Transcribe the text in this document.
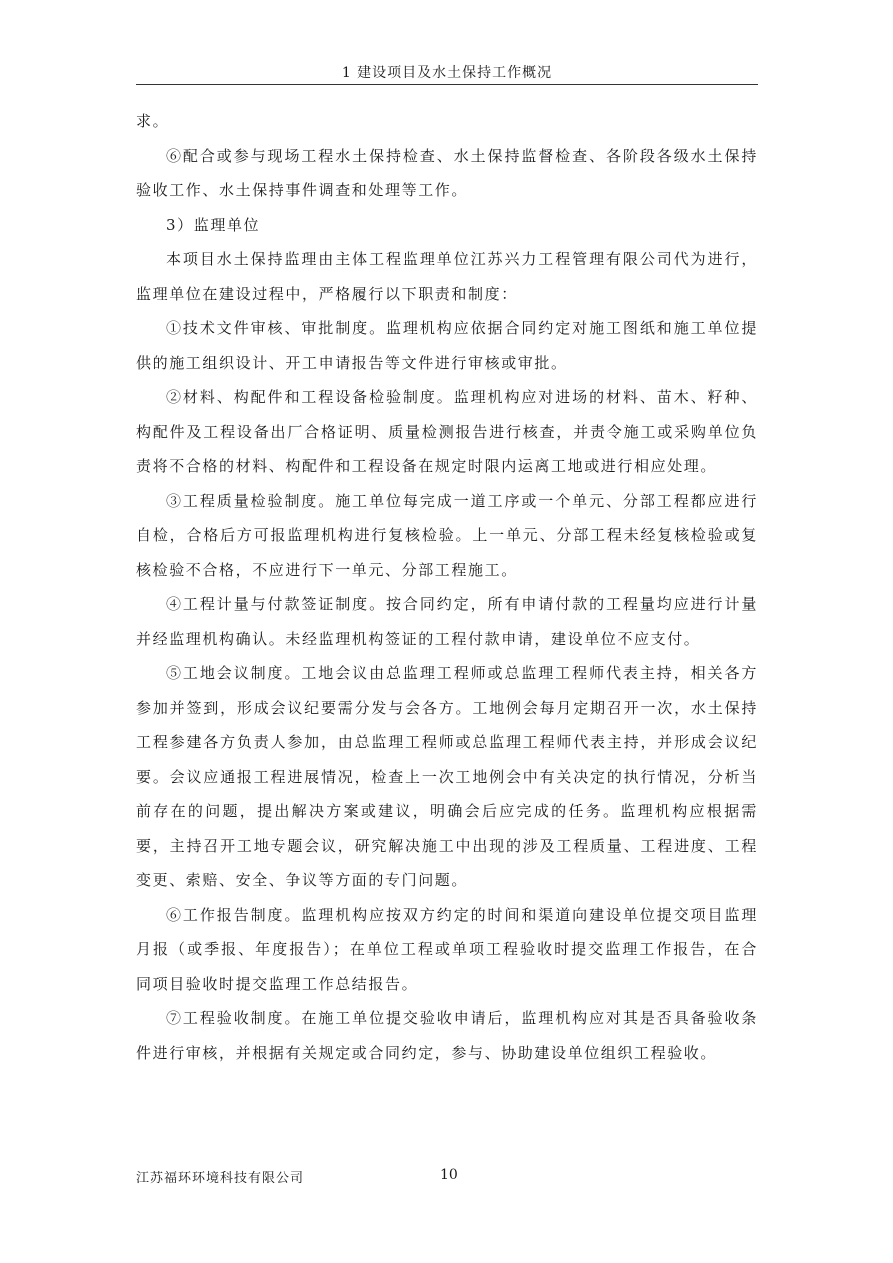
1 建设项目及水土保持工作概况

求。

⑥配合或参与现场工程水土保持检查、水土保持监督检查、各阶段各级水土保持验收工作、水土保持事件调查和处理等工作。

3）监理单位

本项目水土保持监理由主体工程监理单位江苏兴力工程管理有限公司代为进行，监理单位在建设过程中，严格履行以下职责和制度：

①技术文件审核、审批制度。监理机构应依据合同约定对施工图纸和施工单位提供的施工组织设计、开工申请报告等文件进行审核或审批。

②材料、构配件和工程设备检验制度。监理机构应对进场的材料、苗木、籽种、构配件及工程设备出厂合格证明、质量检测报告进行核查，并责令施工或采购单位负责将不合格的材料、构配件和工程设备在规定时限内运离工地或进行相应处理。

③工程质量检验制度。施工单位每完成一道工序或一个单元、分部工程都应进行自检，合格后方可报监理机构进行复核检验。上一单元、分部工程未经复核检验或复核检验不合格，不应进行下一单元、分部工程施工。

④工程计量与付款签证制度。按合同约定，所有申请付款的工程量均应进行计量并经监理机构确认。未经监理机构签证的工程付款申请，建设单位不应支付。

⑤工地会议制度。工地会议由总监理工程师或总监理工程师代表主持，相关各方参加并签到，形成会议纪要需分发与会各方。工地例会每月定期召开一次，水土保持工程参建各方负责人参加，由总监理工程师或总监理工程师代表主持，并形成会议纪要。会议应通报工程进展情况，检查上一次工地例会中有关决定的执行情况，分析当前存在的问题，提出解决方案或建议，明确会后应完成的任务。监理机构应根据需要，主持召开工地专题会议，研究解决施工中出现的涉及工程质量、工程进度、工程变更、索赔、安全、争议等方面的专门问题。

⑥工作报告制度。监理机构应按双方约定的时间和渠道向建设单位提交项目监理月报（或季报、年度报告）；在单位工程或单项工程验收时提交监理工作报告，在合同项目验收时提交监理工作总结报告。

⑦工程验收制度。在施工单位提交验收申请后，监理机构应对其是否具备验收条件进行审核，并根据有关规定或合同约定，参与、协助建设单位组织工程验收。

江苏福环环境科技有限公司	10
